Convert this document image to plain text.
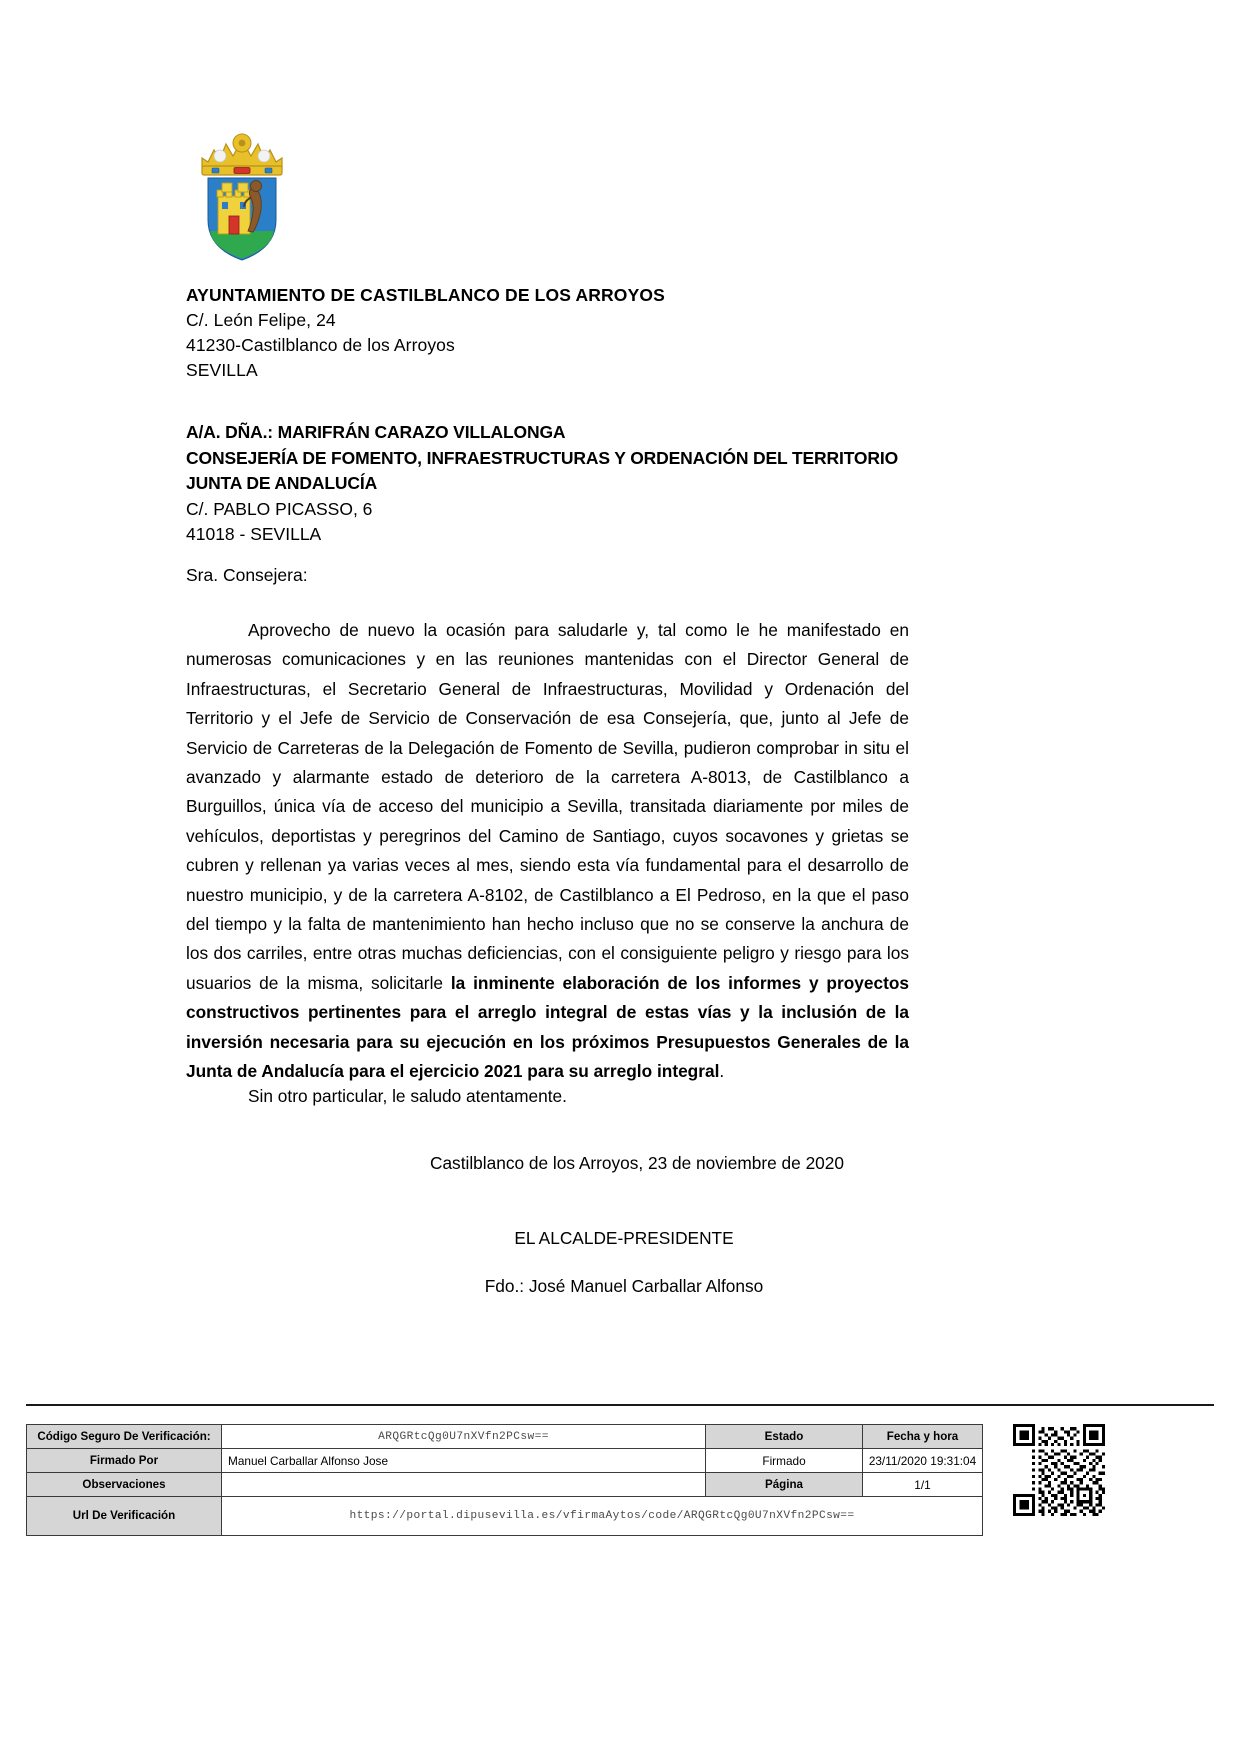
AYUNTAMIENTO DE CASTILBLANCO DE LOS ARROYOS
C/. León Felipe, 24
41230-Castilblanco de los Arroyos
SEVILLA
A/A. DÑA.: MARIFRÁN CARAZO VILLALONGA
CONSEJERÍA DE FOMENTO, INFRAESTRUCTURAS Y ORDENACIÓN DEL TERRITORIO
JUNTA DE ANDALUCÍA
C/. PABLO PICASSO, 6
41018 - SEVILLA
Sra. Consejera:
Aprovecho de nuevo la ocasión para saludarle y, tal como le he manifestado en numerosas comunicaciones y en las reuniones mantenidas con el Director General de Infraestructuras, el Secretario General de Infraestructuras, Movilidad y Ordenación del Territorio y el Jefe de Servicio de Conservación de esa Consejería, que, junto al Jefe de Servicio de Carreteras de la Delegación de Fomento de Sevilla, pudieron comprobar in situ el avanzado y alarmante estado de deterioro de la carretera A-8013, de Castilblanco a Burguillos, única vía de acceso del municipio a Sevilla, transitada diariamente por miles de vehículos, deportistas y peregrinos del Camino de Santiago, cuyos socavones y grietas se cubren y rellenan ya varias veces al mes, siendo esta vía fundamental para el desarrollo de nuestro municipio, y de la carretera A-8102, de Castilblanco a El Pedroso, en la que el paso del tiempo y la falta de mantenimiento han hecho incluso que no se conserve la anchura de los dos carriles, entre otras muchas deficiencias, con el consiguiente peligro y riesgo para los usuarios de la misma, solicitarle la inminente elaboración de los informes y proyectos constructivos pertinentes para el arreglo integral de estas vías y la inclusión de la inversión necesaria para su ejecución en los próximos Presupuestos Generales de la Junta de Andalucía para el ejercicio 2021 para su arreglo integral.
Sin otro particular, le saludo atentamente.
Castilblanco de los Arroyos, 23 de noviembre de 2020
EL ALCALDE-PRESIDENTE
Fdo.: José Manuel Carballar Alfonso
Código Seguro De Verificación:	ARQGRtcQg0U7nXVfn2PCsw==	Estado	Fecha y hora
Firmado Por	Manuel Carballar Alfonso Jose	Firmado	23/11/2020 19:31:04
Observaciones		Página	1/1
Url De Verificación	https://portal.dipusevilla.es/vfirmaAytos/code/ARQGRtcQg0U7nXVfn2PCsw==		
